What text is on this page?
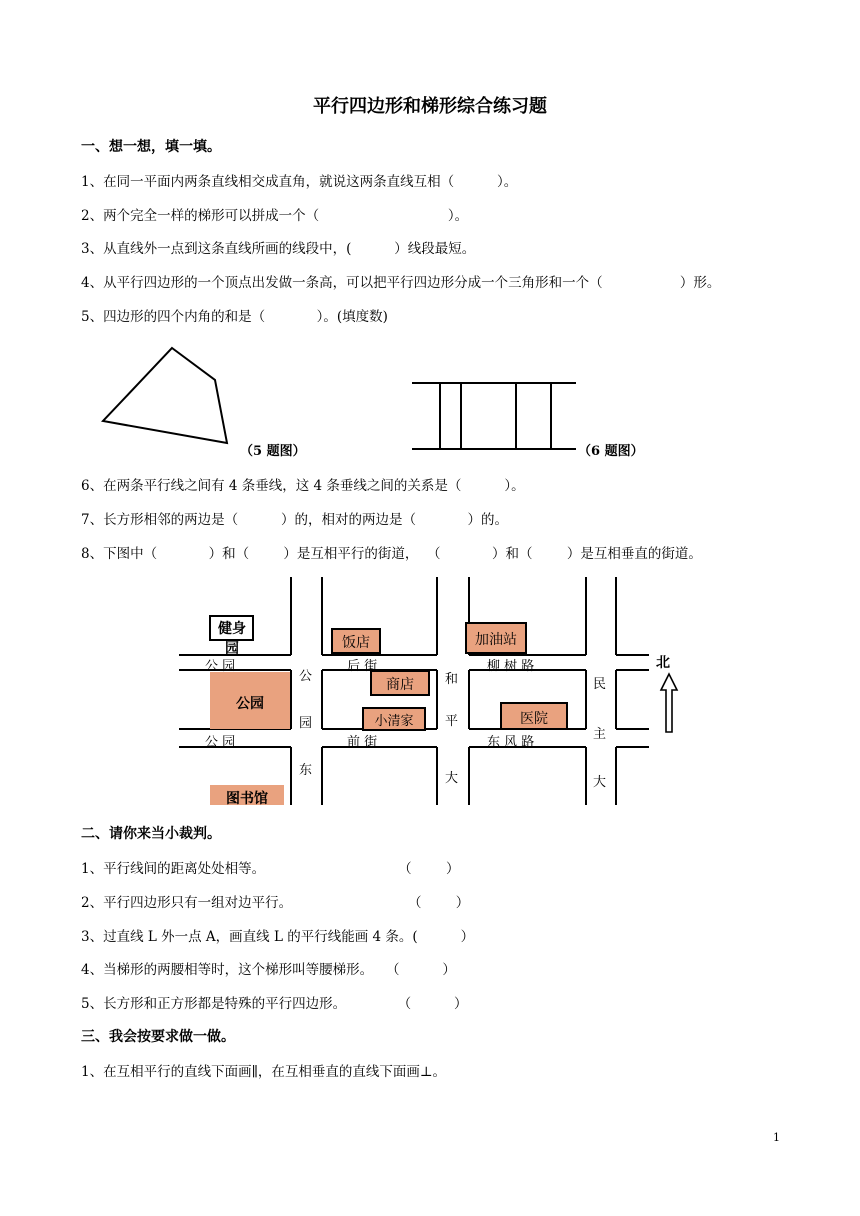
平行四边形和梯形综合练习题
一、想一想，填一填。
1、在同一平面内两条直线相交成直角，就说这两条直线互相（          ）。
2、两个完全一样的梯形可以拼成一个（                              ）。
3、从直线外一点到这条直线所画的线段中，(          ）线段最短。
4、从平行四边形的一个顶点出发做一条高，可以把平行四边形分成一个三角形和一个（                  ）形。
5、四边形的四个内角的和是（            ）。(填度数)
（5 题图）	（6 题图）
6、在两条平行线之间有 4 条垂线，这 4 条垂线之间的关系是（          ）。
7、长方形相邻的两边是（          ）的，相对的两边是（            ）的。
8、下图中（            ）和（        ）是互相平行的街道，  （            ）和（        ）是互相垂直的街道。
健身园	饭店	加油站
商店
公园
小清家	医院
图书馆
公 园	后 街	柳 树 路
公 园	前 街	东 风 路
公
园
东
和
平
大
民
主
大
北
二、请你来当小裁判。
1、平行线间的距离处处相等。                               （        ）
2、平行四边形只有一组对边平行。                           （        ）
3、过直线 L 外一点 A，画直线 L 的平行线能画 4 条。(          ）
4、当梯形的两腰相等时，这个梯形叫等腰梯形。   （          ）
5、长方形和正方形都是特殊的平行四边形。            （          ）
三、我会按要求做一做。
1、在互相平行的直线下面画∥，在互相垂直的直线下面画⊥。
1
